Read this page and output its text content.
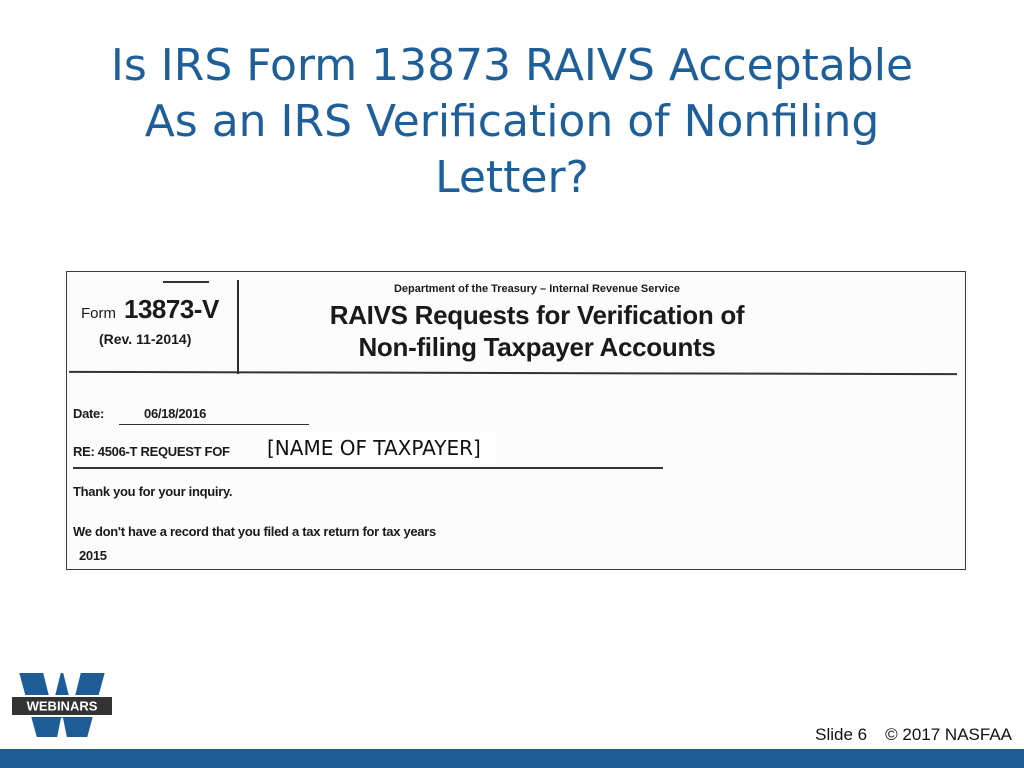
Is IRS Form 13873 RAIVS Acceptable
As an IRS Verification of Nonfiling
Letter?
Form 13873-V
(Rev. 11-2014)
Department of the Treasury – Internal Revenue Service
RAIVS Requests for Verification of
Non-filing Taxpayer Accounts
Date:	06/18/2016
RE: 4506-T REQUEST FOF [NAME OF TAXPAYER]
Thank you for your inquiry.
We don't have a record that you filed a tax return for tax years
2015
WEBINARS
Slide 6 © 2017 NASFAA
